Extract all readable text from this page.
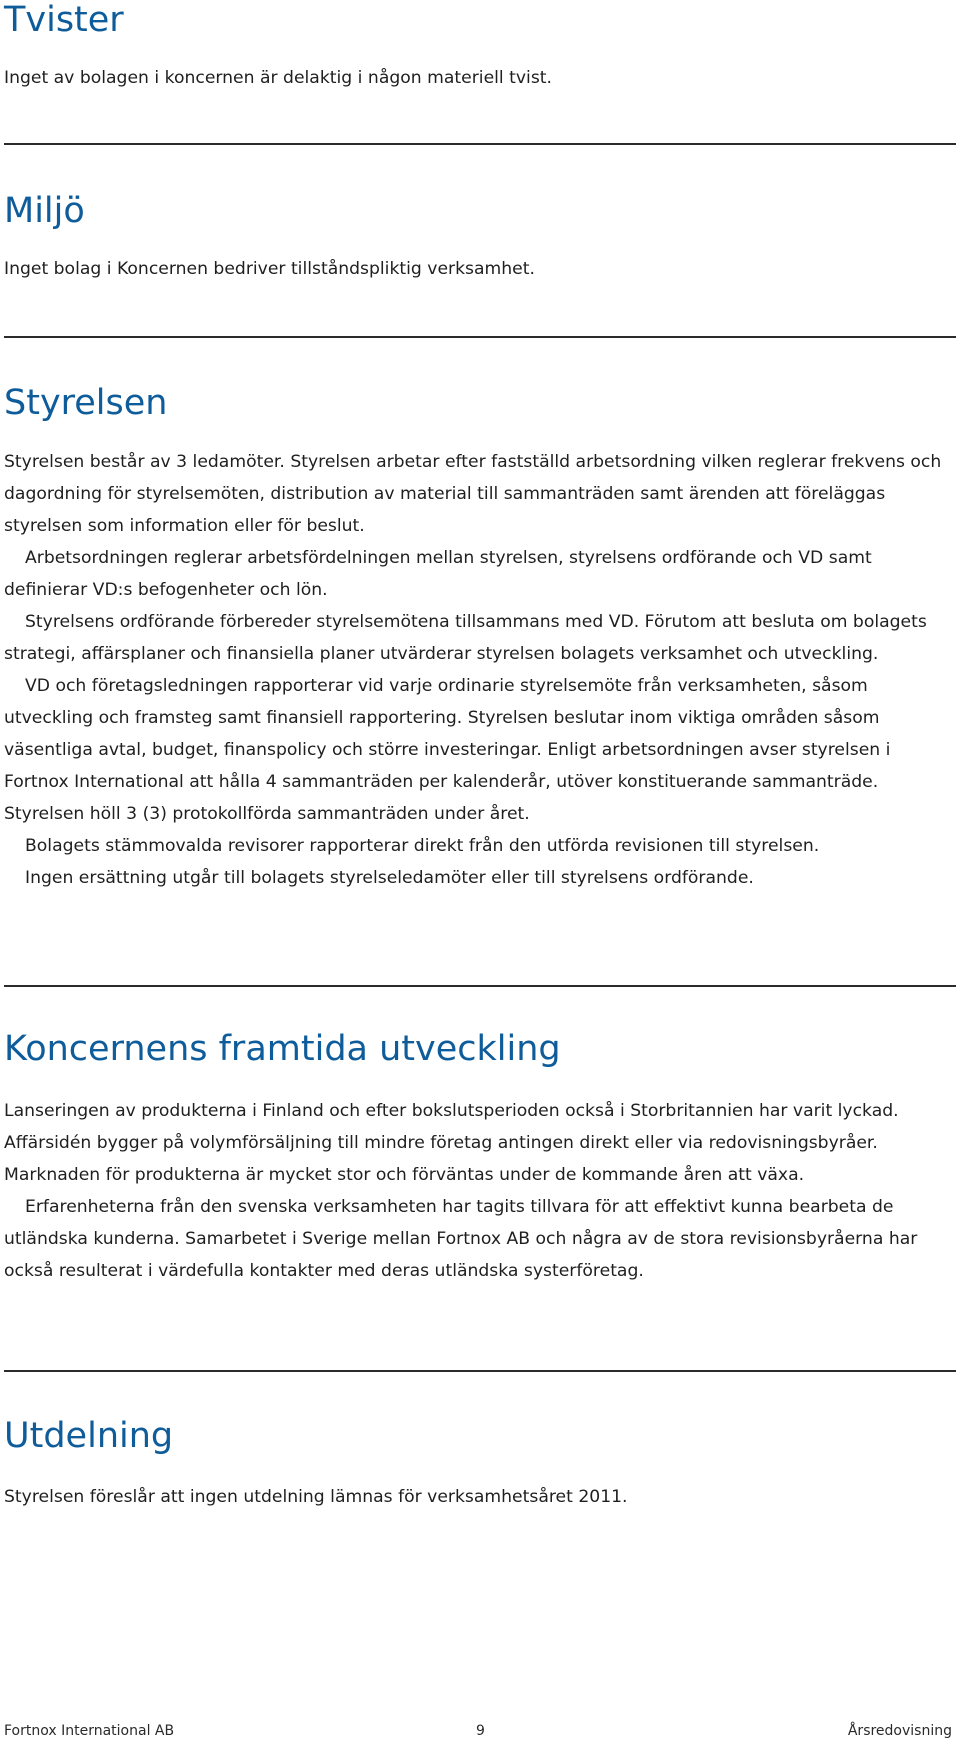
Tvister

Inget av bolagen i koncernen är delaktig i någon materiell tvist.

Miljö

Inget bolag i Koncernen bedriver tillståndspliktig verksamhet.

Styrelsen

Styrelsen består av 3 ledamöter. Styrelsen arbetar efter fastställd arbetsordning vilken reglerar frekvens och dagordning för styrelsemöten, distribution av material till sammanträden samt ärenden att föreläggas styrelsen som information eller för beslut.

Arbetsordningen reglerar arbetsfördelningen mellan styrelsen, styrelsens ordförande och VD samt definierar VD:s befogenheter och lön.

Styrelsens ordförande förbereder styrelsemötena tillsammans med VD. Förutom att besluta om bolagets strategi, affärsplaner och finansiella planer utvärderar styrelsen bolagets verksamhet och utveckling.

VD och företagsledningen rapporterar vid varje ordinarie styrelsemöte från verksamheten, såsom utveckling och framsteg samt finansiell rapportering. Styrelsen beslutar inom viktiga områden såsom väsentliga avtal, budget, finanspolicy och större investeringar. Enligt arbetsordningen avser styrelsen i Fortnox International att hålla 4 sammanträden per kalenderår, utöver konstituerande sammanträde. Styrelsen höll 3 (3) protokollförda sammanträden under året.

Bolagets stämmovalda revisorer rapporterar direkt från den utförda revisionen till styrelsen.

Ingen ersättning utgår till bolagets styrelseledamöter eller till styrelsens ordförande.

Koncernens framtida utveckling

Lanseringen av produkterna i Finland och efter bokslutsperioden också i Storbritannien har varit lyckad. Affärsidén bygger på volymförsäljning till mindre företag antingen direkt eller via redovisningsbyråer. Marknaden för produkterna är mycket stor och förväntas under de kommande åren att växa.

Erfarenheterna från den svenska verksamheten har tagits tillvara för att effektivt kunna bearbeta de utländska kunderna. Samarbetet i Sverige mellan Fortnox AB och några av de stora revisionsbyråerna har också resulterat i värdefulla kontakter med deras utländska systerföretag.

Utdelning

Styrelsen föreslår att ingen utdelning lämnas för verksamhetsåret 2011.

Fortnox International AB	9	Årsredovisning
